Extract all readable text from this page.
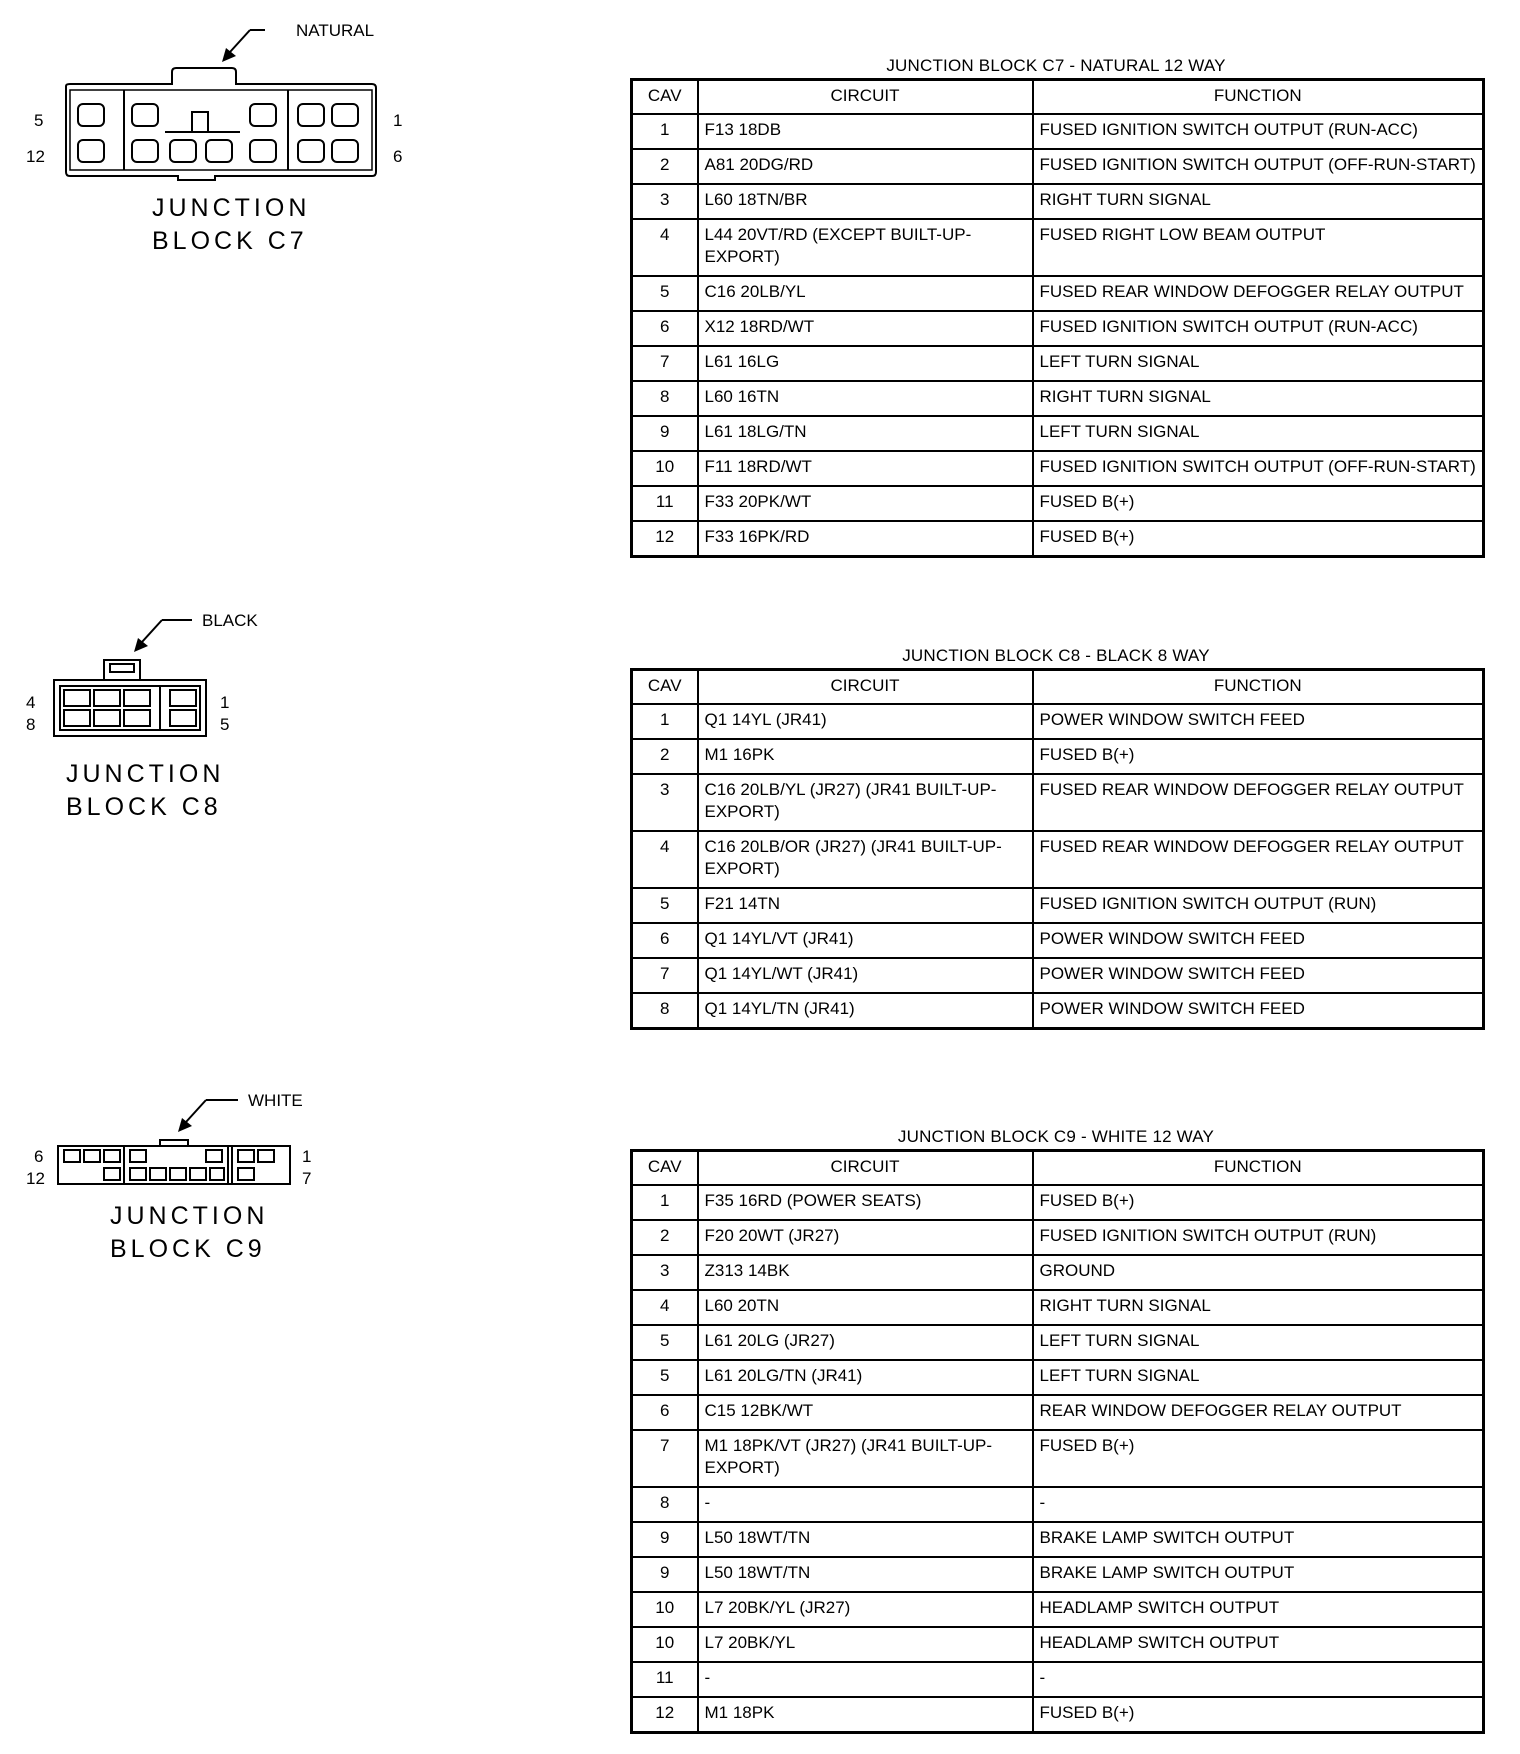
NATURAL
5
12
1
6
JUNCTION
BLOCK C7
JUNCTION BLOCK C7 - NATURAL 12 WAY
CAV	CIRCUIT	FUNCTION
1	F13 18DB	FUSED IGNITION SWITCH OUTPUT (RUN-ACC)
2	A81 20DG/RD	FUSED IGNITION SWITCH OUTPUT (OFF-RUN-START)
3	L60 18TN/BR	RIGHT TURN SIGNAL
4	L44 20VT/RD (EXCEPT BUILT-UP-EXPORT)	FUSED RIGHT LOW BEAM OUTPUT
5	C16 20LB/YL	FUSED REAR WINDOW DEFOGGER RELAY OUTPUT
6	X12 18RD/WT	FUSED IGNITION SWITCH OUTPUT (RUN-ACC)
7	L61 16LG	LEFT TURN SIGNAL
8	L60 16TN	RIGHT TURN SIGNAL
9	L61 18LG/TN	LEFT TURN SIGNAL
10	F11 18RD/WT	FUSED IGNITION SWITCH OUTPUT (OFF-RUN-START)
11	F33 20PK/WT	FUSED B(+)
12	F33 16PK/RD	FUSED B(+)
BLACK
4
8
1
5
JUNCTION
BLOCK C8
JUNCTION BLOCK C8 - BLACK 8 WAY
CAV	CIRCUIT	FUNCTION
1	Q1 14YL (JR41)	POWER WINDOW SWITCH FEED
2	M1 16PK	FUSED B(+)
3	C16 20LB/YL (JR27) (JR41 BUILT-UP-EXPORT)	FUSED REAR WINDOW DEFOGGER RELAY OUTPUT
4	C16 20LB/OR (JR27) (JR41 BUILT-UP-EXPORT)	FUSED REAR WINDOW DEFOGGER RELAY OUTPUT
5	F21 14TN	FUSED IGNITION SWITCH OUTPUT (RUN)
6	Q1 14YL/VT (JR41)	POWER WINDOW SWITCH FEED
7	Q1 14YL/WT (JR41)	POWER WINDOW SWITCH FEED
8	Q1 14YL/TN (JR41)	POWER WINDOW SWITCH FEED
WHITE
6
12
1
7
JUNCTION
BLOCK C9
JUNCTION BLOCK C9 - WHITE 12 WAY
CAV	CIRCUIT	FUNCTION
1	F35 16RD (POWER SEATS)	FUSED B(+)
2	F20 20WT (JR27)	FUSED IGNITION SWITCH OUTPUT (RUN)
3	Z313 14BK	GROUND
4	L60 20TN	RIGHT TURN SIGNAL
5	L61 20LG (JR27)	LEFT TURN SIGNAL
5	L61 20LG/TN (JR41)	LEFT TURN SIGNAL
6	C15 12BK/WT	REAR WINDOW DEFOGGER RELAY OUTPUT
7	M1 18PK/VT (JR27) (JR41 BUILT-UP-EXPORT)	FUSED B(+)
8	-	-
9	L50 18WT/TN	BRAKE LAMP SWITCH OUTPUT
9	L50 18WT/TN	BRAKE LAMP SWITCH OUTPUT
10	L7 20BK/YL (JR27)	HEADLAMP SWITCH OUTPUT
10	L7 20BK/YL	HEADLAMP SWITCH OUTPUT
11	-	-
12	M1 18PK	FUSED B(+)
